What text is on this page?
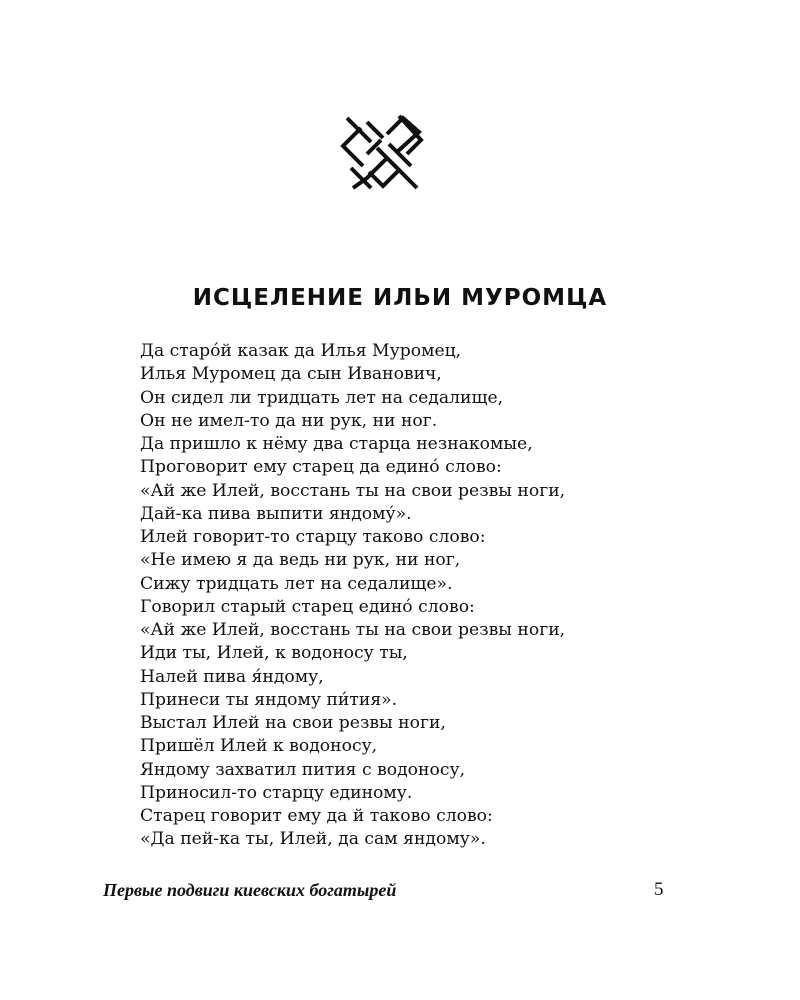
ИСЦЕЛЕНИЕ ИЛЬИ МУРОМЦА
Да старо́й казак да Илья Муромец,
Илья Муромец да сын Иванович,
Он сидел ли тридцать лет на седалище,
Он не имел-то да ни рук, ни ног.
Да пришло к нёму два старца незнакомые,
Проговорит ему старец да едино́ слово:
«Ай же Илей, восстань ты на свои резвы ноги,
Дай-ка пива выпити яндому́».
Илей говорит-то старцу таково слово:
«Не имею я да ведь ни рук, ни ног,
Сижу тридцать лет на седалище».
Говорил старый старец едино́ слово:
«Ай же Илей, восстань ты на свои резвы ноги,
Иди ты, Илей, к водоносу ты,
Налей пива я́ндому,
Принеси ты яндому пи́тия».
Выстал Илей на свои резвы ноги,
Пришёл Илей к водоносу,
Яндому захватил пития с водоносу,
Приносил-то старцу единому.
Старец говорит ему да й таково слово:
«Да пей-ка ты, Илей, да сам яндому».
Первые подвиги киевских богатырей	5
